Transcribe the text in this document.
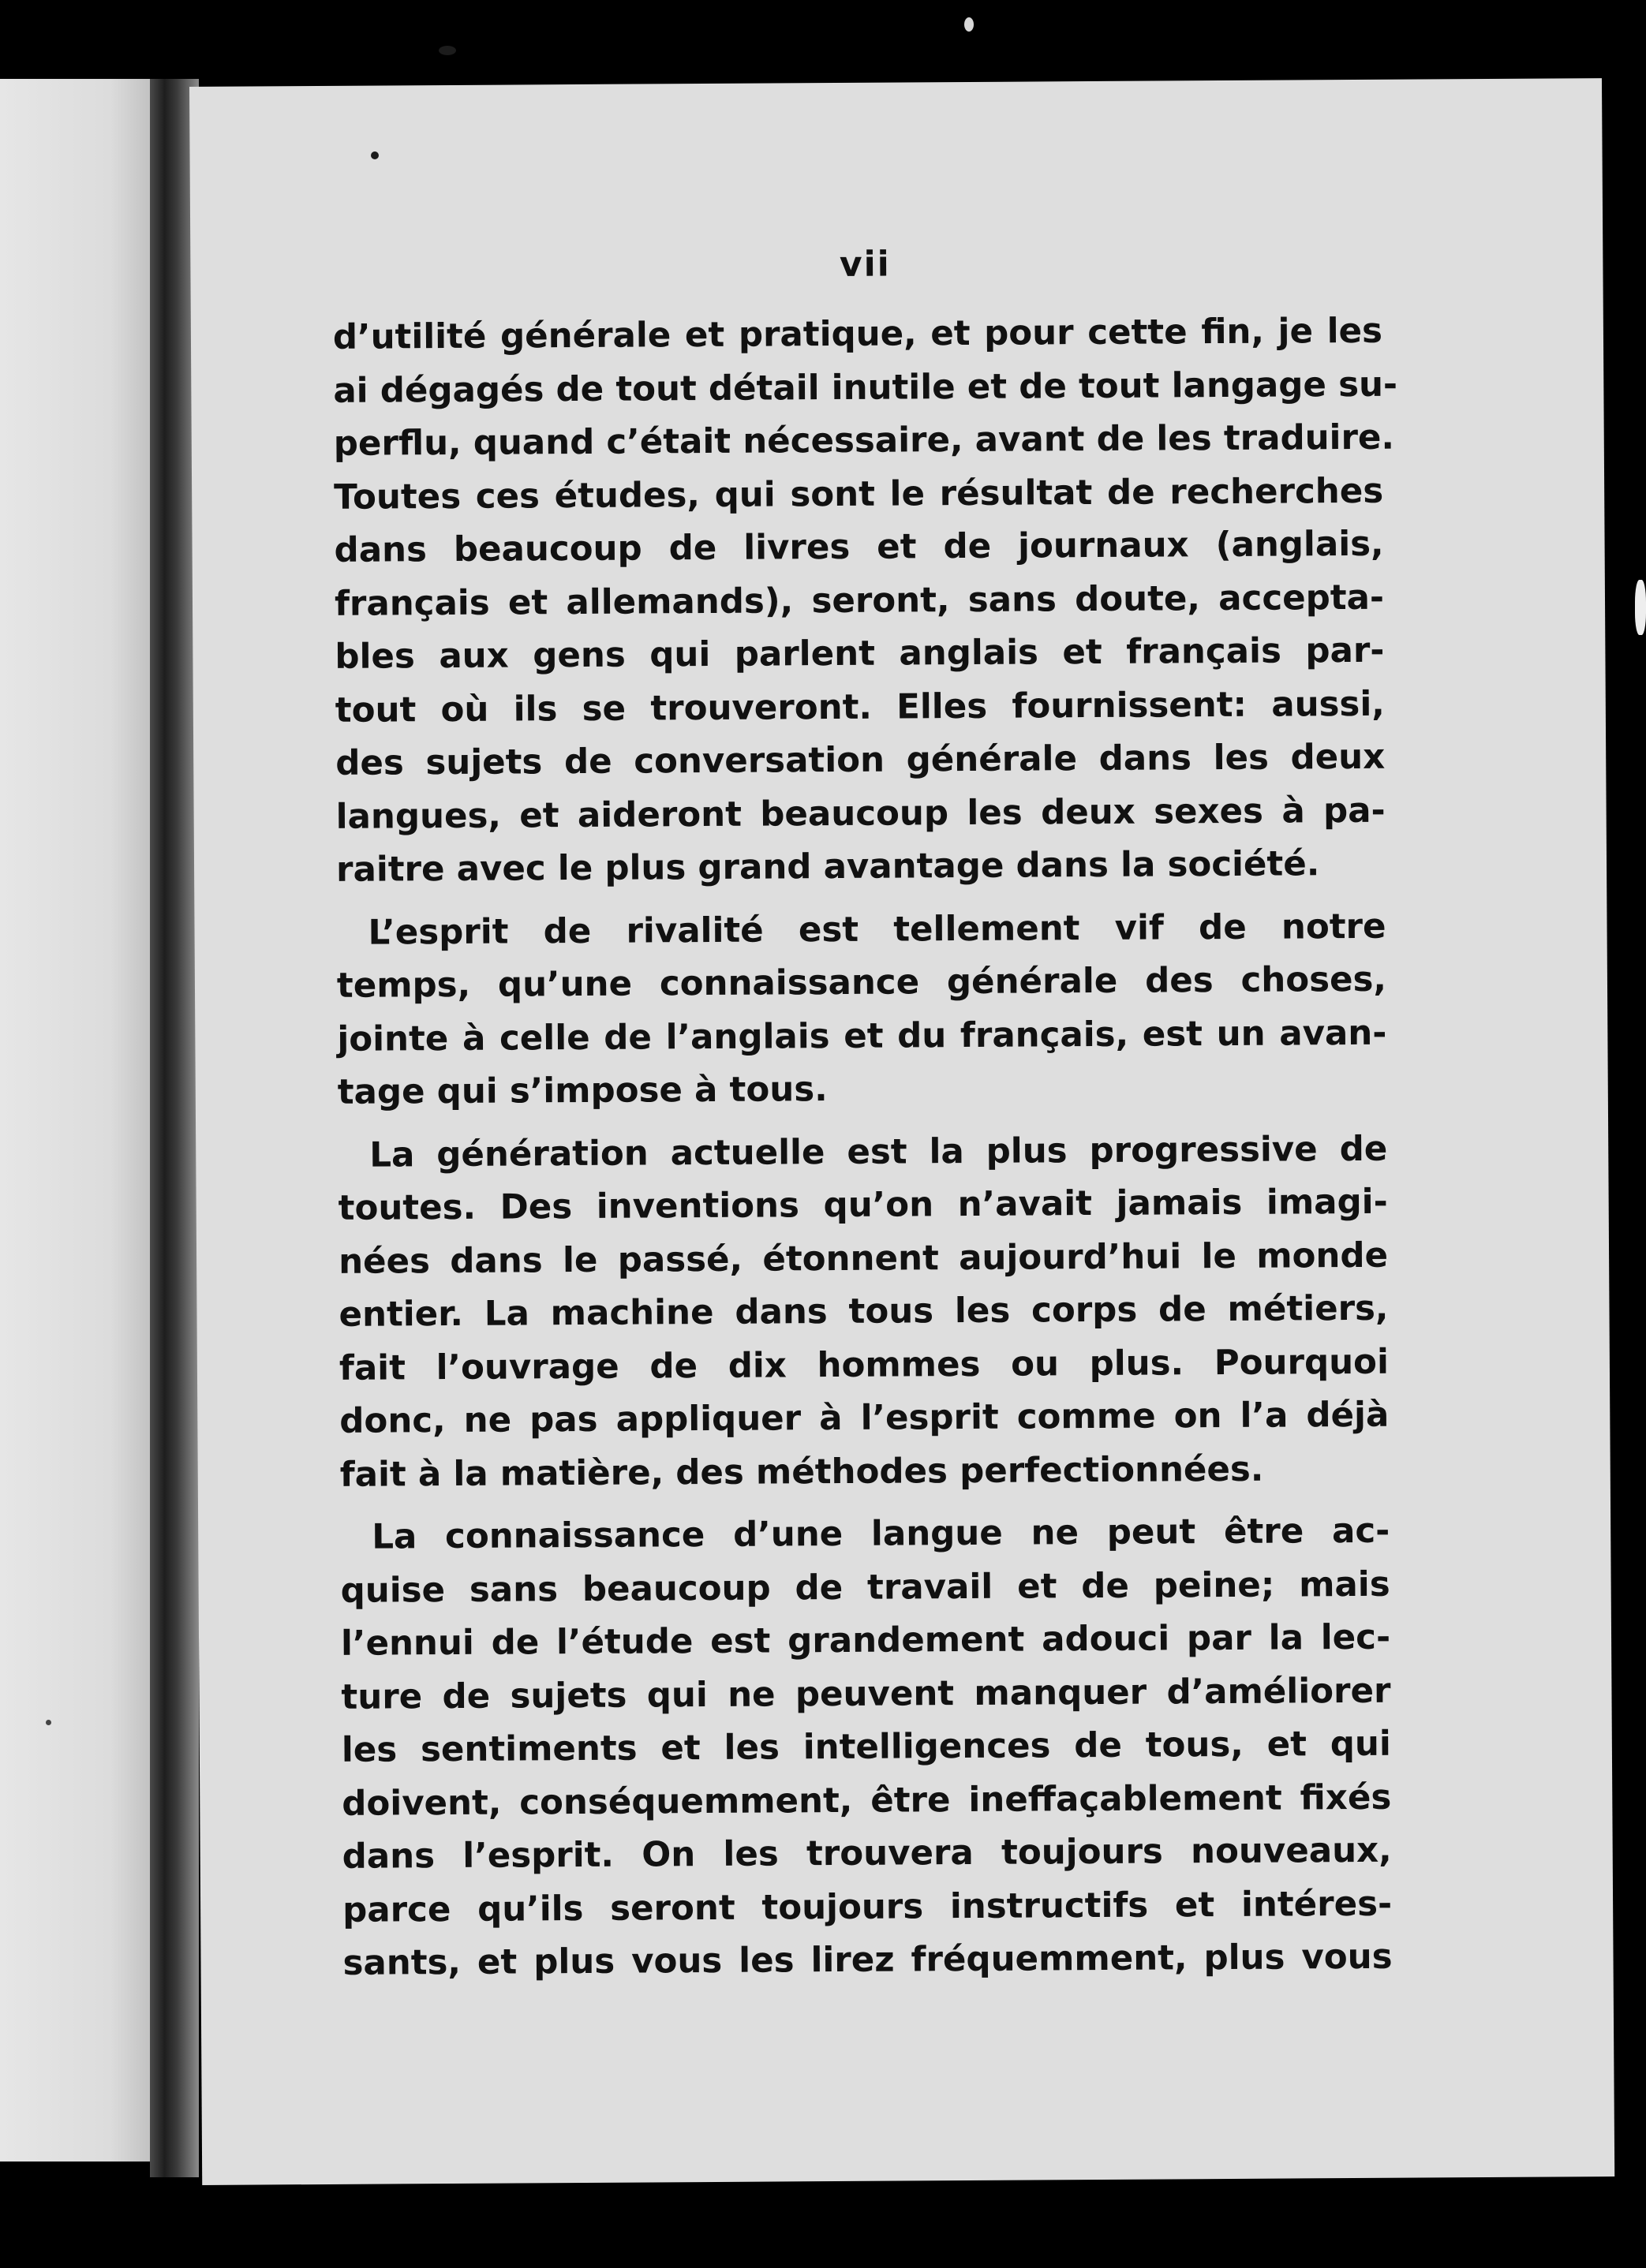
vii
d’utilité générale et pratique, et pour cette fin, je les
ai dégagés de tout détail inutile et de tout langage su-
perflu, quand c’était nécessaire, avant de les traduire.
Toutes ces études, qui sont le résultat de recherches
dans beaucoup de livres et de journaux (anglais,
français et allemands), seront, sans doute, accepta-
bles aux gens qui parlent anglais et français par-
tout où ils se trouveront. Elles fournissent: aussi,
des sujets de conversation générale dans les deux
langues, et aideront beaucoup les deux sexes à pa-
raitre avec le plus grand avantage dans la société.
L’esprit de rivalité est tellement vif de notre
temps, qu’une connaissance générale des choses,
jointe à celle de l’anglais et du français, est un avan-
tage qui s’impose à tous.
La génération actuelle est la plus progressive de
toutes. Des inventions qu’on n’avait jamais imagi-
nées dans le passé, étonnent aujourd’hui le monde
entier. La machine dans tous les corps de métiers,
fait l’ouvrage de dix hommes ou plus. Pourquoi
donc, ne pas appliquer à l’esprit comme on l’a déjà
fait à la matière, des méthodes perfectionnées.
La connaissance d’une langue ne peut être ac-
quise sans beaucoup de travail et de peine; mais
l’ennui de l’étude est grandement adouci par la lec-
ture de sujets qui ne peuvent manquer d’améliorer
les sentiments et les intelligences de tous, et qui
doivent, conséquemment, être ineffaçablement fixés
dans l’esprit. On les trouvera toujours nouveaux,
parce qu’ils seront toujours instructifs et intéres-
sants, et plus vous les lirez fréquemment, plus vous
